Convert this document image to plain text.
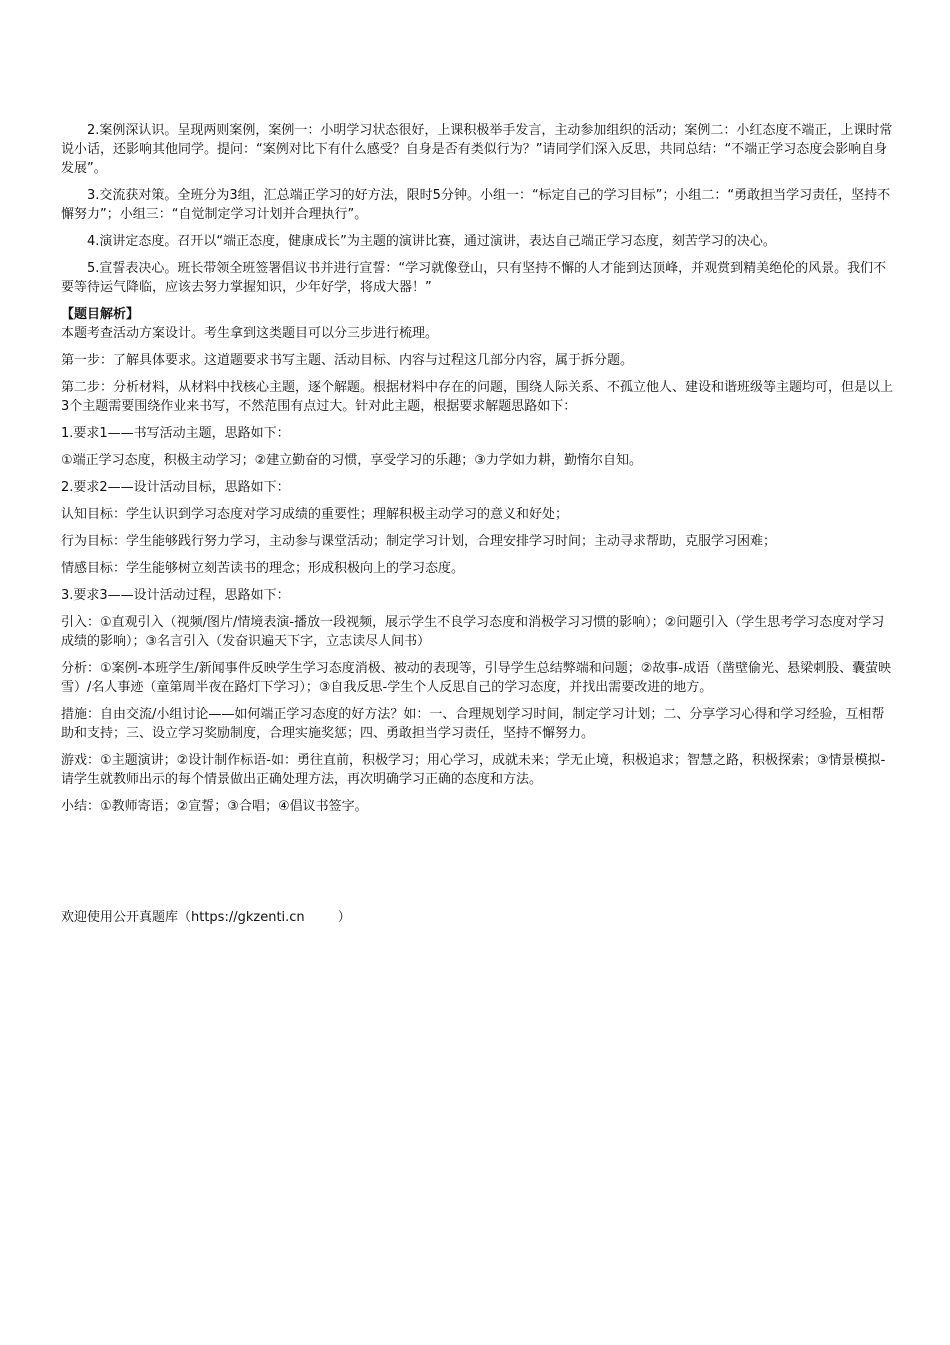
2.案例深认识。呈现两则案例，案例一：小明学习状态很好，上课积极举手发言，主动参加组织的活动；案例二：小红态度不端正，上课时常说小话，还影响其他同学。提问：“案例对比下有什么感受？自身是否有类似行为？”请同学们深入反思，共同总结：“不端正学习态度会影响自身发展”。

3.交流获对策。全班分为3组，汇总端正学习的好方法，限时5分钟。小组一：“标定自己的学习目标”；小组二：“勇敢担当学习责任，坚持不懈努力”；小组三：“自觉制定学习计划并合理执行”。

4.演讲定态度。召开以“端正态度，健康成长”为主题的演讲比赛，通过演讲，表达自己端正学习态度，刻苦学习的决心。

5.宣誓表决心。班长带领全班签署倡议书并进行宣誓：“学习就像登山，只有坚持不懈的人才能到达顶峰，并观赏到精美绝伦的风景。我们不要等待运气降临，应该去努力掌握知识，少年好学，将成大器！”

【题目解析】

本题考查活动方案设计。考生拿到这类题目可以分三步进行梳理。

第一步：了解具体要求。这道题要求书写主题、活动目标、内容与过程这几部分内容，属于拆分题。

第二步：分析材料，从材料中找核心主题，逐个解题。根据材料中存在的问题，围绕人际关系、不孤立他人、建设和谐班级等主题均可，但是以上3个主题需要围绕作业来书写，不然范围有点过大。针对此主题，根据要求解题思路如下：

1.要求1——书写活动主题，思路如下：

①端正学习态度，积极主动学习；②建立勤奋的习惯，享受学习的乐趣；③力学如力耕，勤惰尔自知。

2.要求2——设计活动目标，思路如下：

认知目标：学生认识到学习态度对学习成绩的重要性；理解积极主动学习的意义和好处；

行为目标：学生能够践行努力学习，主动参与课堂活动；制定学习计划，合理安排学习时间；主动寻求帮助，克服学习困难；

情感目标：学生能够树立刻苦读书的理念；形成积极向上的学习态度。

3.要求3——设计活动过程，思路如下：

引入：①直观引入（视频/图片/情境表演-播放一段视频，展示学生不良学习态度和消极学习习惯的影响）；②问题引入（学生思考学习态度对学习成绩的影响）；③名言引入（发奋识遍天下字，立志读尽人间书）

分析：①案例-本班学生/新闻事件反映学生学习态度消极、被动的表现等，引导学生总结弊端和问题；②故事-成语（凿壁偷光、悬梁刺股、囊萤映雪）/名人事迹（童第周半夜在路灯下学习）；③自我反思-学生个人反思自己的学习态度，并找出需要改进的地方。

措施：自由交流/小组讨论——如何端正学习态度的好方法？如：一、合理规划学习时间，制定学习计划；二、分享学习心得和学习经验，互相帮助和支持；三、设立学习奖励制度，合理实施奖惩；四、勇敢担当学习责任，坚持不懈努力。

游戏：①主题演讲；②设计制作标语-如：勇往直前，积极学习；用心学习，成就未来；学无止境，积极追求；智慧之路，积极探索；③情景模拟-请学生就教师出示的每个情景做出正确处理方法，再次明确学习正确的态度和方法。

小结：①教师寄语；②宣誓；③合唱；④倡议书签字。

欢迎使用公开真题库（https://gkzenti.cn        ）
